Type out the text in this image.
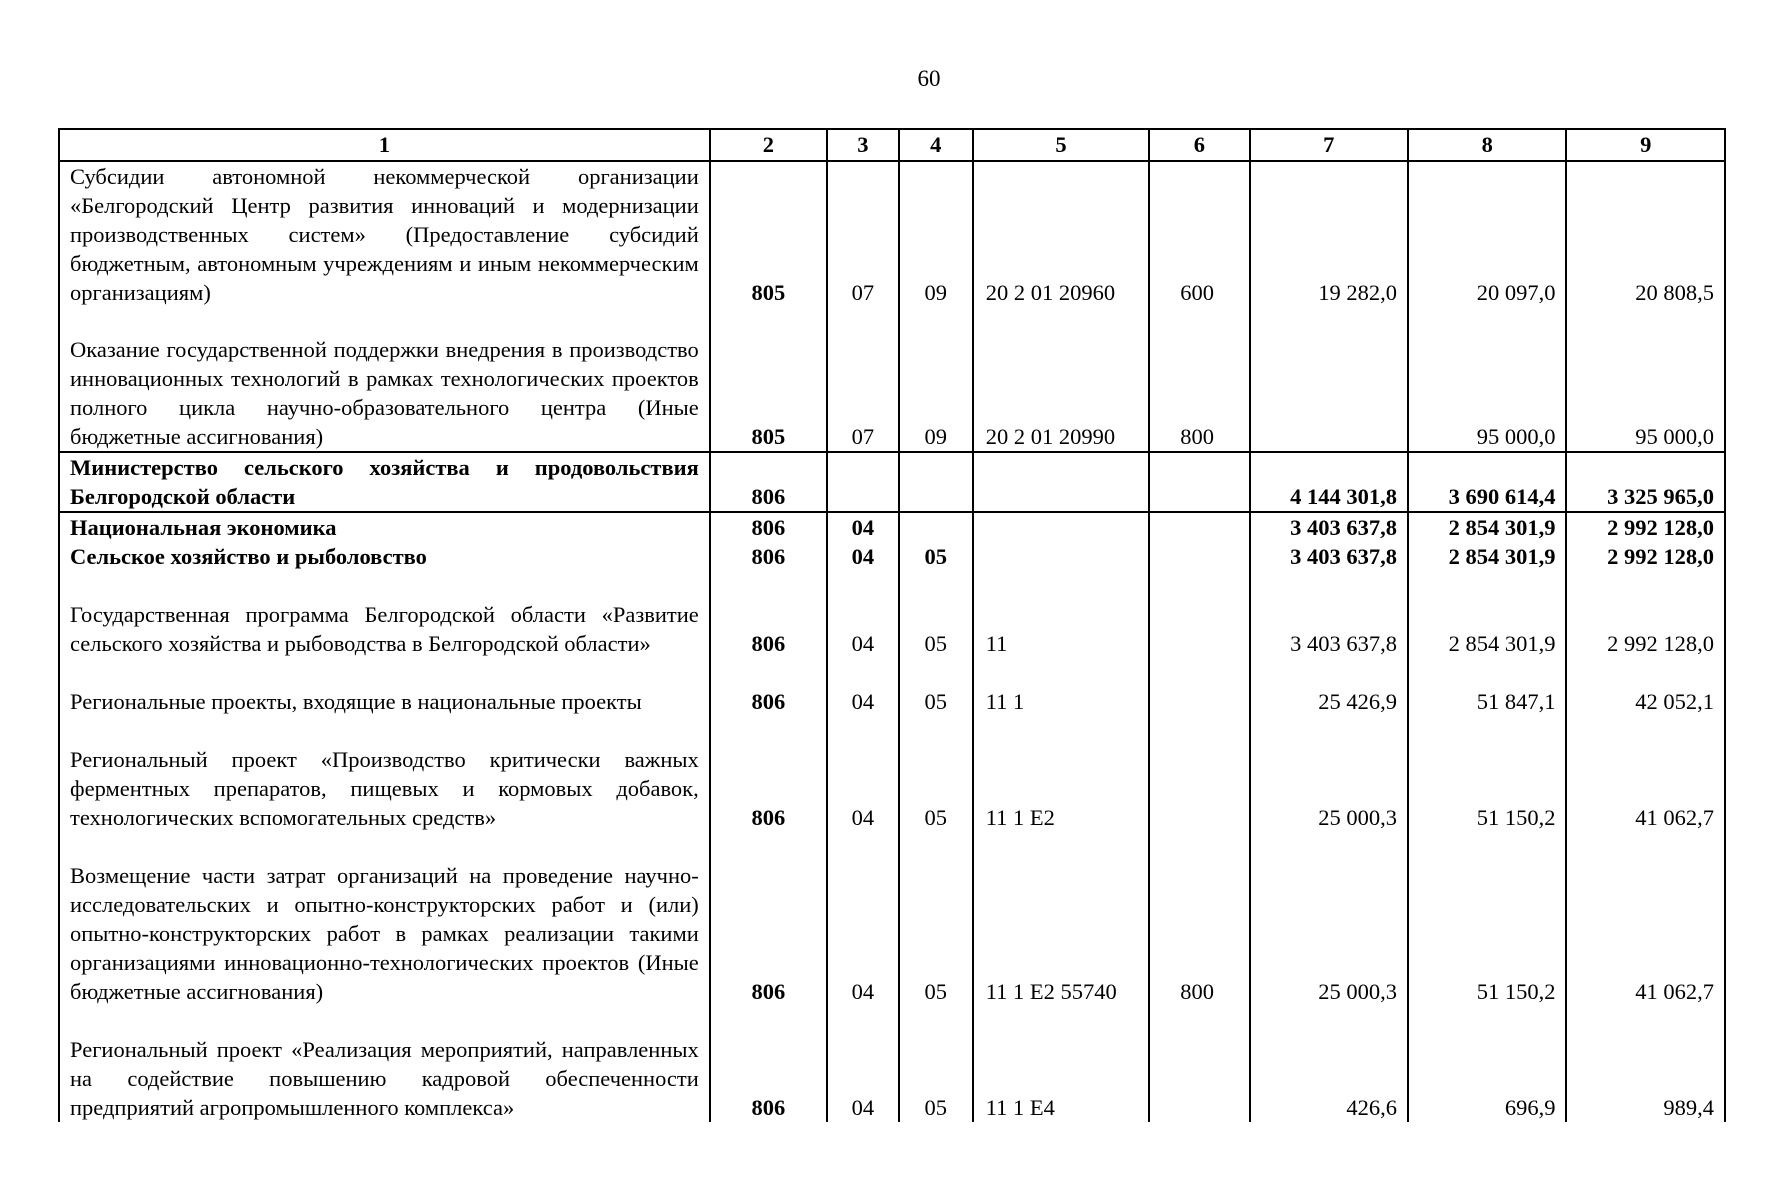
60
1	2	3	4	5	6	7	8	9
Субсидии автономной некоммерческой организации «Белгородский Центр развития инноваций и модернизации производственных систем» (Предоставление субсидий бюджетным, автономным учреждениям и иным некоммерческим организациям)	805	07	09	20 2 01 20960	600	19 282,0	20 097,0	20 808,5
Оказание государственной поддержки внедрения в производство инновационных технологий в рамках технологических проектов полного цикла научно-образовательного центра (Иные бюджетные ассигнования)	805	07	09	20 2 01 20990	800		95 000,0	95 000,0
Министерство сельского хозяйства и продовольствия Белгородской области	806					4 144 301,8	3 690 614,4	3 325 965,0
Национальная экономика	806	04				3 403 637,8	2 854 301,9	2 992 128,0
Сельское хозяйство и рыболовство	806	04	05			3 403 637,8	2 854 301,9	2 992 128,0
Государственная программа Белгородской области «Развитие сельского хозяйства и рыбоводства в Белгородской области»	806	04	05	11		3 403 637,8	2 854 301,9	2 992 128,0
Региональные проекты, входящие в национальные проекты	806	04	05	11 1		25 426,9	51 847,1	42 052,1
Региональный проект «Производство критически важных ферментных препаратов, пищевых и кормовых добавок, технологических вспомогательных средств»	806	04	05	11 1 E2		25 000,3	51 150,2	41 062,7
Возмещение части затрат организаций на проведение научно-исследовательских и опытно-конструкторских работ и (или) опытно-конструкторских работ в рамках реализации такими организациями инновационно-технологических проектов (Иные бюджетные ассигнования)	806	04	05	11 1 E2 55740	800	25 000,3	51 150,2	41 062,7
Региональный проект «Реализация мероприятий, направленных на содействие повышению кадровой обеспеченности предприятий агропромышленного комплекса»	806	04	05	11 1 E4		426,6	696,9	989,4
